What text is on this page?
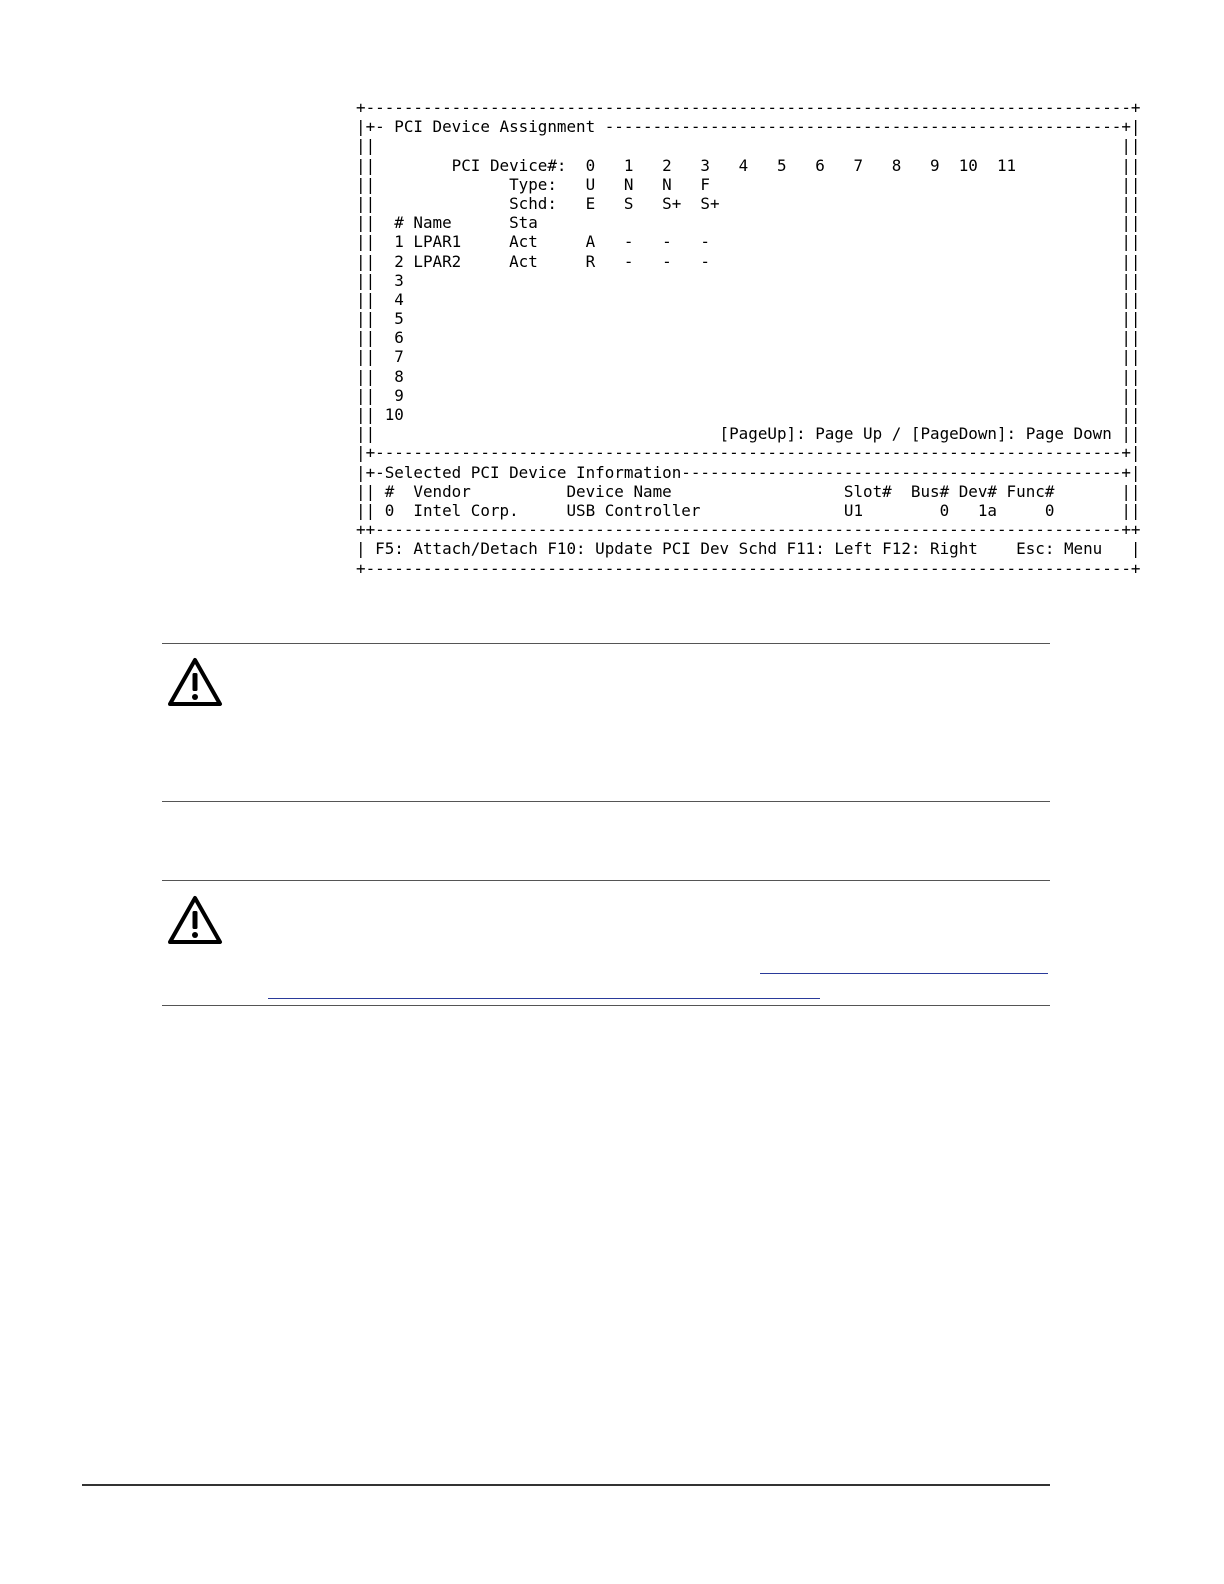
+--------------------------------------------------------------------------------+
|+- PCI Device Assignment ------------------------------------------------------+|
||                                                                              ||
||        PCI Device#:  0   1   2   3   4   5   6   7   8   9  10  11           ||
||              Type:   U   N   N   F                                           ||
||              Schd:   E   S   S+  S+                                          ||
||  # Name      Sta                                                             ||
||  1 LPAR1     Act     A   -   -   -                                           ||
||  2 LPAR2     Act     R   -   -   -                                           ||
||  3                                                                           ||
||  4                                                                           ||
||  5                                                                           ||
||  6                                                                           ||
||  7                                                                           ||
||  8                                                                           ||
||  9                                                                           ||
|| 10                                                                           ||
||                                    [PageUp]: Page Up / [PageDown]: Page Down ||
|+------------------------------------------------------------------------------+|
|+-Selected PCI Device Information----------------------------------------------+|
|| #  Vendor          Device Name                  Slot#  Bus# Dev# Func#       ||
|| 0  Intel Corp.     USB Controller               U1        0   1a     0       ||
++------------------------------------------------------------------------------++
| F5: Attach/Detach F10: Update PCI Dev Schd F11: Left F12: Right    Esc: Menu   |
+--------------------------------------------------------------------------------+
